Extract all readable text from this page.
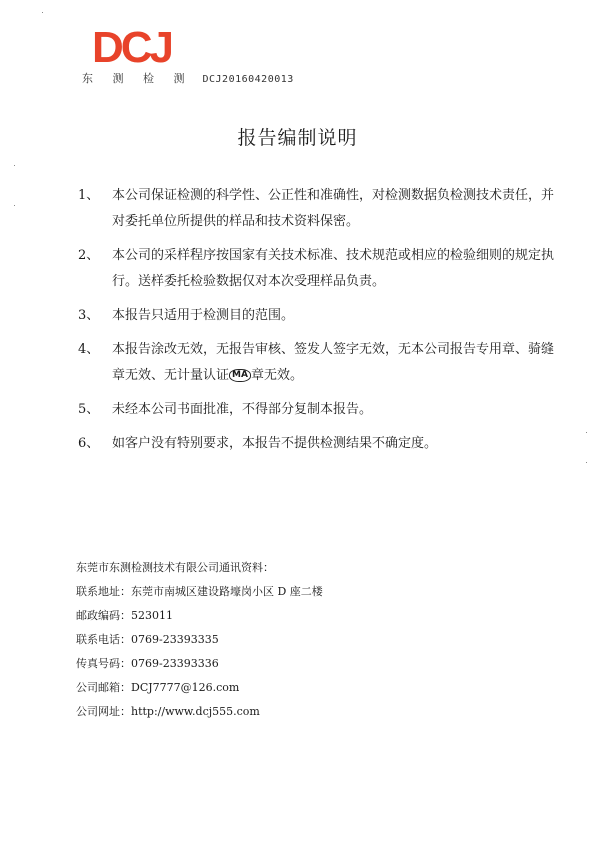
DCJ
东 测 检 测 DCJ20160420013
报告编制说明
1、 本公司保证检测的科学性、公正性和准确性，对检测数据负检测技术责任，并对委托单位所提供的样品和技术资料保密。
2、 本公司的采样程序按国家有关技术标准、技术规范或相应的检验细则的规定执行。送样委托检验数据仅对本次受理样品负责。
3、 本报告只适用于检测目的范围。
4、 本报告涂改无效，无报告审核、签发人签字无效，无本公司报告专用章、骑缝章无效、无计量认证 MA 章无效。
5、 未经本公司书面批准，不得部分复制本报告。
6、 如客户没有特别要求，本报告不提供检测结果不确定度。
东莞市东测检测技术有限公司通讯资料：
联系地址：东莞市南城区建设路壕岗小区 D 座二楼
邮政编码：523011
联系电话：0769-23393335
传真号码：0769-23393336
公司邮箱：DCJ7777@126.com
公司网址：http://www.dcj555.com
